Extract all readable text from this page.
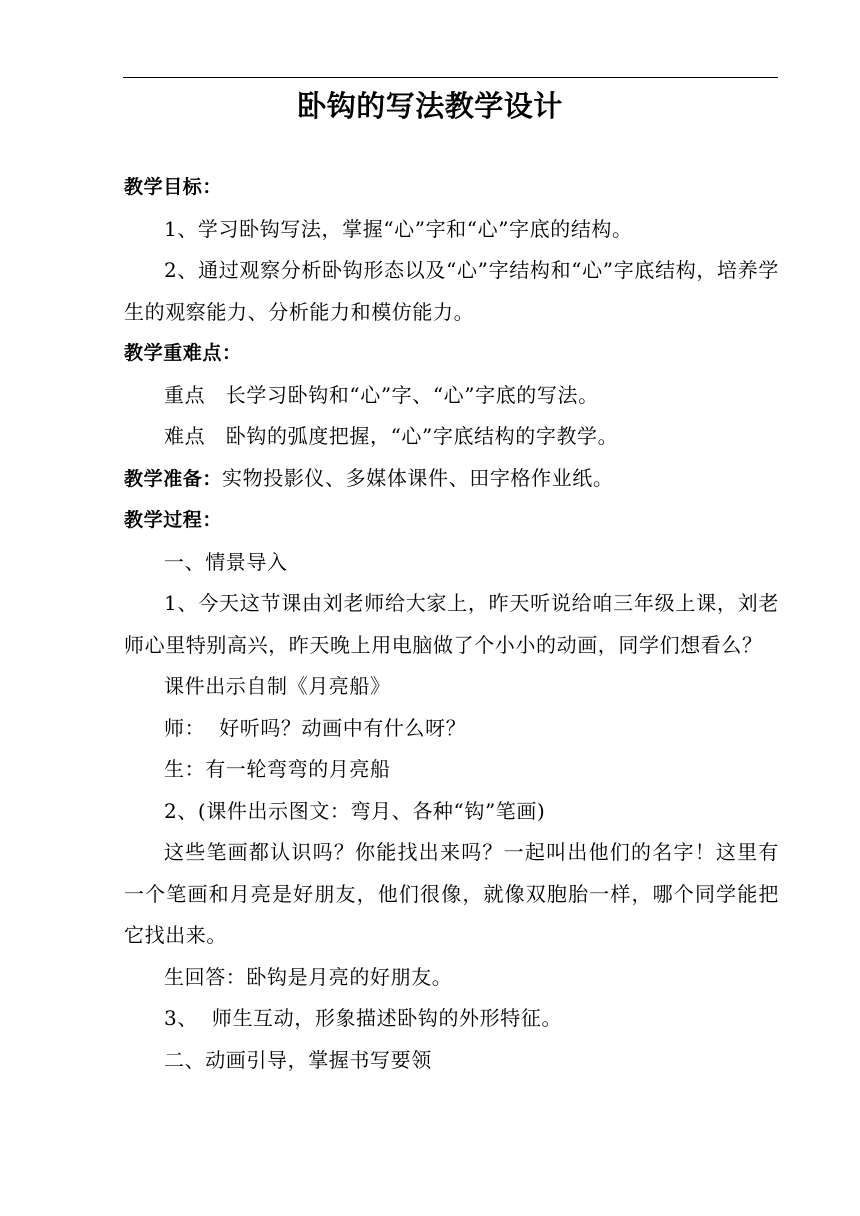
卧钩的写法教学设计

教学目标：

1、学习卧钩写法，掌握“心”字和“心”字底的结构。

2、通过观察分析卧钩形态以及“心”字结构和“心”字底结构，培养学生的观察能力、分析能力和模仿能力。

教学重难点：

重点　长学习卧钩和“心”字、“心”字底的写法。

难点　卧钩的弧度把握，“心”字底结构的字教学。

教学准备：实物投影仪、多媒体课件、田字格作业纸。

教学过程：

一、情景导入

1、今天这节课由刘老师给大家上，昨天听说给咱三年级上课，刘老师心里特别高兴，昨天晚上用电脑做了个小小的动画，同学们想看么？

课件出示自制《月亮船》

师：  好听吗？动画中有什么呀？

生：有一轮弯弯的月亮船

2、(课件出示图文：弯月、各种“钩”笔画)

这些笔画都认识吗？你能找出来吗？一起叫出他们的名字！这里有一个笔画和月亮是好朋友，他们很像，就像双胞胎一样，哪个同学能把它找出来。

生回答：卧钩是月亮的好朋友。

3、  师生互动，形象描述卧钩的外形特征。

二、动画引导，掌握书写要领
